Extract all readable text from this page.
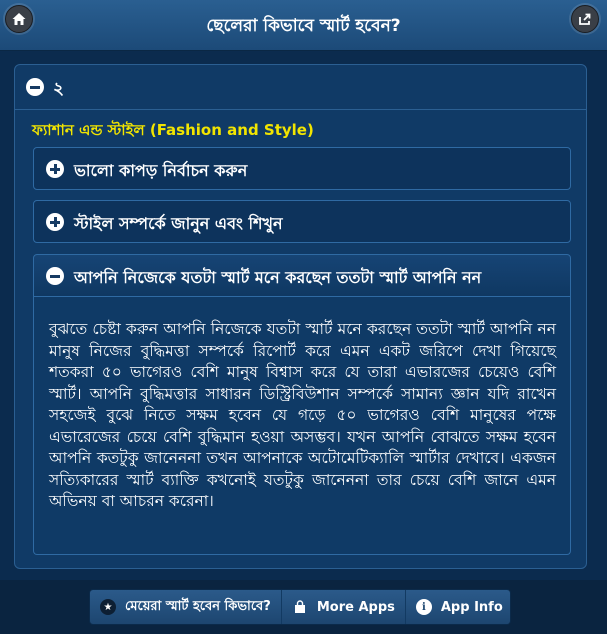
ছেলেরা কিভাবে স্মার্ট হবেন?
২
ফ্যাশান এন্ড স্টাইল (Fashion and Style)
ভালো কাপড় নির্বাচন করুন
স্টাইল সম্পর্কে জানুন এবং শিখুন
আপনি নিজেকে যতটা স্মার্ট মনে করছেন ততটা স্মার্ট আপনি নন
বুঝতে চেষ্টা করুন আপনি নিজেকে যতটা স্মার্ট মনে করছেন ততটা স্মার্ট আপনি নন মানুষ নিজের বুদ্ধিমত্তা সম্পর্কে রিপোর্ট করে এমন একট জরিপে দেখা গিয়েছে শতকরা ৫০ ভাগেরও বেশি মানুষ বিশ্বাস করে যে তারা এভারজের চেয়েও বেশি স্মার্ট। আপনি বুদ্ধিমত্তার সাধারন ডিস্ট্রিবিউশান সম্পর্কে সামান্য জ্ঞান যদি রাখেন সহজেই বুঝে নিতে সক্ষম হবেন যে গড়ে ৫০ ভাগেরও বেশি মানুষের পক্ষে এভারেজের চেয়ে বেশি বুদ্ধিমান হওয়া অসম্ভব। যখন আপনি বোঝতে সক্ষম হবেন আপনি কতটুকু জানেননা তখন আপনাকে অটোমেটিক্যালি স্মার্টার দেখাবে। একজন সত্যিকারের স্মার্ট ব্যাক্তি কখনোই যতটুকু জানেননা তার চেয়ে বেশি জানে এমন অভিনয় বা আচরন করেনা।
★ মেয়েরা স্মার্ট হবেন কিভাবে?	More Apps	i	App Info
